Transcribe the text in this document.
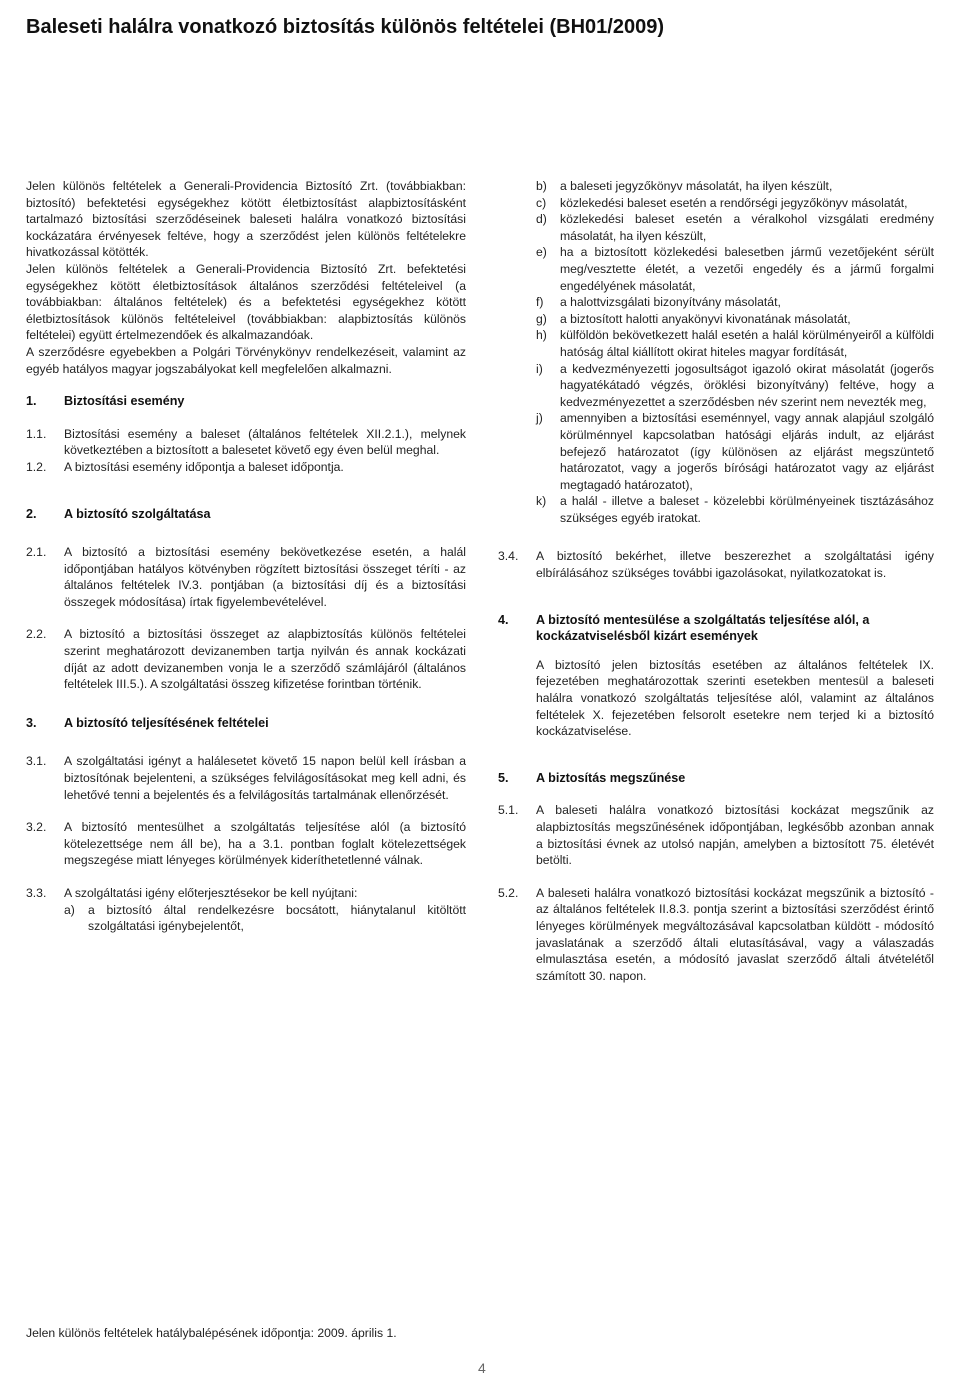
Baleseti halálra vonatkozó biztosítás különös feltételei (BH01/2009)

Jelen különös feltételek a Generali-Providencia Biztosító Zrt. (továbbiakban: biztosító) befektetési egységekhez kötött életbiztosítást alapbiztosításként tartalmazó biztosítási szerződéseinek baleseti halálra vonatkozó biztosítási kockázatára érvényesek feltéve, hogy a szerződést jelen különös feltételekre hivatkozással kötötték.

Jelen különös feltételek a Generali-Providencia Biztosító Zrt. befektetési egységekhez kötött életbiztosítások általános szerződési feltételeivel (a továbbiakban: általános feltételek) és a befektetési egységekhez kötött életbiztosítások különös feltételeivel (továbbiakban: alapbiztosítás különös feltételei) együtt értelmezendőek és alkalmazandóak.

A szerződésre egyebekben a Polgári Törvénykönyv rendelkezéseit, valamint az egyéb hatályos magyar jogszabályokat kell megfelelően alkalmazni.

1.	Biztosítási esemény
1.1.	Biztosítási esemény a baleset (általános feltételek XII.2.1.), melynek következtében a biztosított a balesetet követő egy éven belül meghal.
1.2.	A biztosítási esemény időpontja a baleset időpontja.
2.	A biztosító szolgáltatása
2.1.	A biztosító a biztosítási esemény bekövetkezése esetén, a halál időpontjában hatályos kötvényben rögzített biztosítási összeget téríti - az általános feltételek IV.3. pontjában (a biztosítási díj és a biztosítási összegek módosítása) írtak figyelembevételével.
2.2.	A biztosító a biztosítási összeget az alapbiztosítás különös feltételei szerint meghatározott devizanemben tartja nyilván és annak kockázati díját az adott devizanemben vonja le a szerződő számlájáról (általános feltételek III.5.). A szolgáltatási összeg kifizetése forintban történik.
3.	A biztosító teljesítésének feltételei
3.1.	A szolgáltatási igényt a halálesetet követő 15 napon belül kell írásban a biztosítónak bejelenteni, a szükséges felvilágosításokat meg kell adni, és lehetővé tenni a bejelentés és a felvilágosítás tartalmának ellenőrzését.
3.2.	A biztosító mentesülhet a szolgáltatás teljesítése alól (a biztosító kötelezettsége nem áll be), ha a 3.1. pontban foglalt kötelezettségek megszegése miatt lényeges körülmények kideríthetetlenné válnak.
3.3.	A szolgáltatási igény előterjesztésekor be kell nyújtani:
a)	a biztosító által rendelkezésre bocsátott, hiánytalanul kitöltött szolgáltatási igénybejelentőt,
b)	a baleseti jegyzőkönyv másolatát, ha ilyen készült,
c)	közlekedési baleset esetén a rendőrségi jegyzőkönyv másolatát,
d)	közlekedési baleset esetén a véralkohol vizsgálati eredmény másolatát, ha ilyen készült,
e)	ha a biztosított közlekedési balesetben jármű vezetőjeként sérült meg/vesztette életét, a vezetői engedély és a jármű forgalmi engedélyének másolatát,
f)	a halottvizsgálati bizonyítvány másolatát,
g)	a biztosított halotti anyakönyvi kivonatának másolatát,
h)	külföldön bekövetkezett halál esetén a halál körülményeiről a külföldi hatóság által kiállított okirat hiteles magyar fordítását,
i)	a kedvezményezetti jogosultságot igazoló okirat másolatát (jogerős hagyatékátadó végzés, öröklési bizonyítvány) feltéve, hogy a kedvezményezettet a szerződésben név szerint nem nevezték meg,
j)	amennyiben a biztosítási eseménnyel, vagy annak alapjául szolgáló körülménnyel kapcsolatban hatósági eljárás indult, az eljárást befejező határozatot (így különösen az eljárást megszüntető határozatot, vagy a jogerős bírósági határozatot vagy az eljárást megtagadó határozatot),
k)	a halál - illetve a baleset - közelebbi körülményeinek tisztázásához szükséges egyéb iratokat.
3.4.	A biztosító bekérhet, illetve beszerezhet a szolgáltatási igény elbírálásához szükséges további igazolásokat, nyilatkozatokat is.
4.	A biztosító mentesülése a szolgáltatás teljesítése alól, a kockázatviselésből kizárt események

A biztosító jelen biztosítás esetében az általános feltételek IX. fejezetében meghatározottak szerinti esetekben mentesül a baleseti halálra vonatkozó szolgáltatás teljesítése alól, valamint az általános feltételek X. fejezetében felsorolt esetekre nem terjed ki a biztosító kockázatviselése.

5.	A biztosítás megszűnése
5.1.	A baleseti halálra vonatkozó biztosítási kockázat megszűnik az alapbiztosítás megszűnésének időpontjában, legkésőbb azonban annak a biztosítási évnek az utolsó napján, amelyben a biztosított 75. életévét betölti.
5.2.	A baleseti halálra vonatkozó biztosítási kockázat megszűnik a biztosító - az általános feltételek II.8.3. pontja szerint a biztosítási szerződést érintő lényeges körülmények megváltozásával kapcsolatban küldött - módosító javaslatának a szerződő általi elutasításával, vagy a válaszadás elmulasztása esetén, a módosító javaslat szerződő általi átvételétől számított 30. napon.

Jelen különös feltételek hatálybalépésének időpontja: 2009. április 1.

4
